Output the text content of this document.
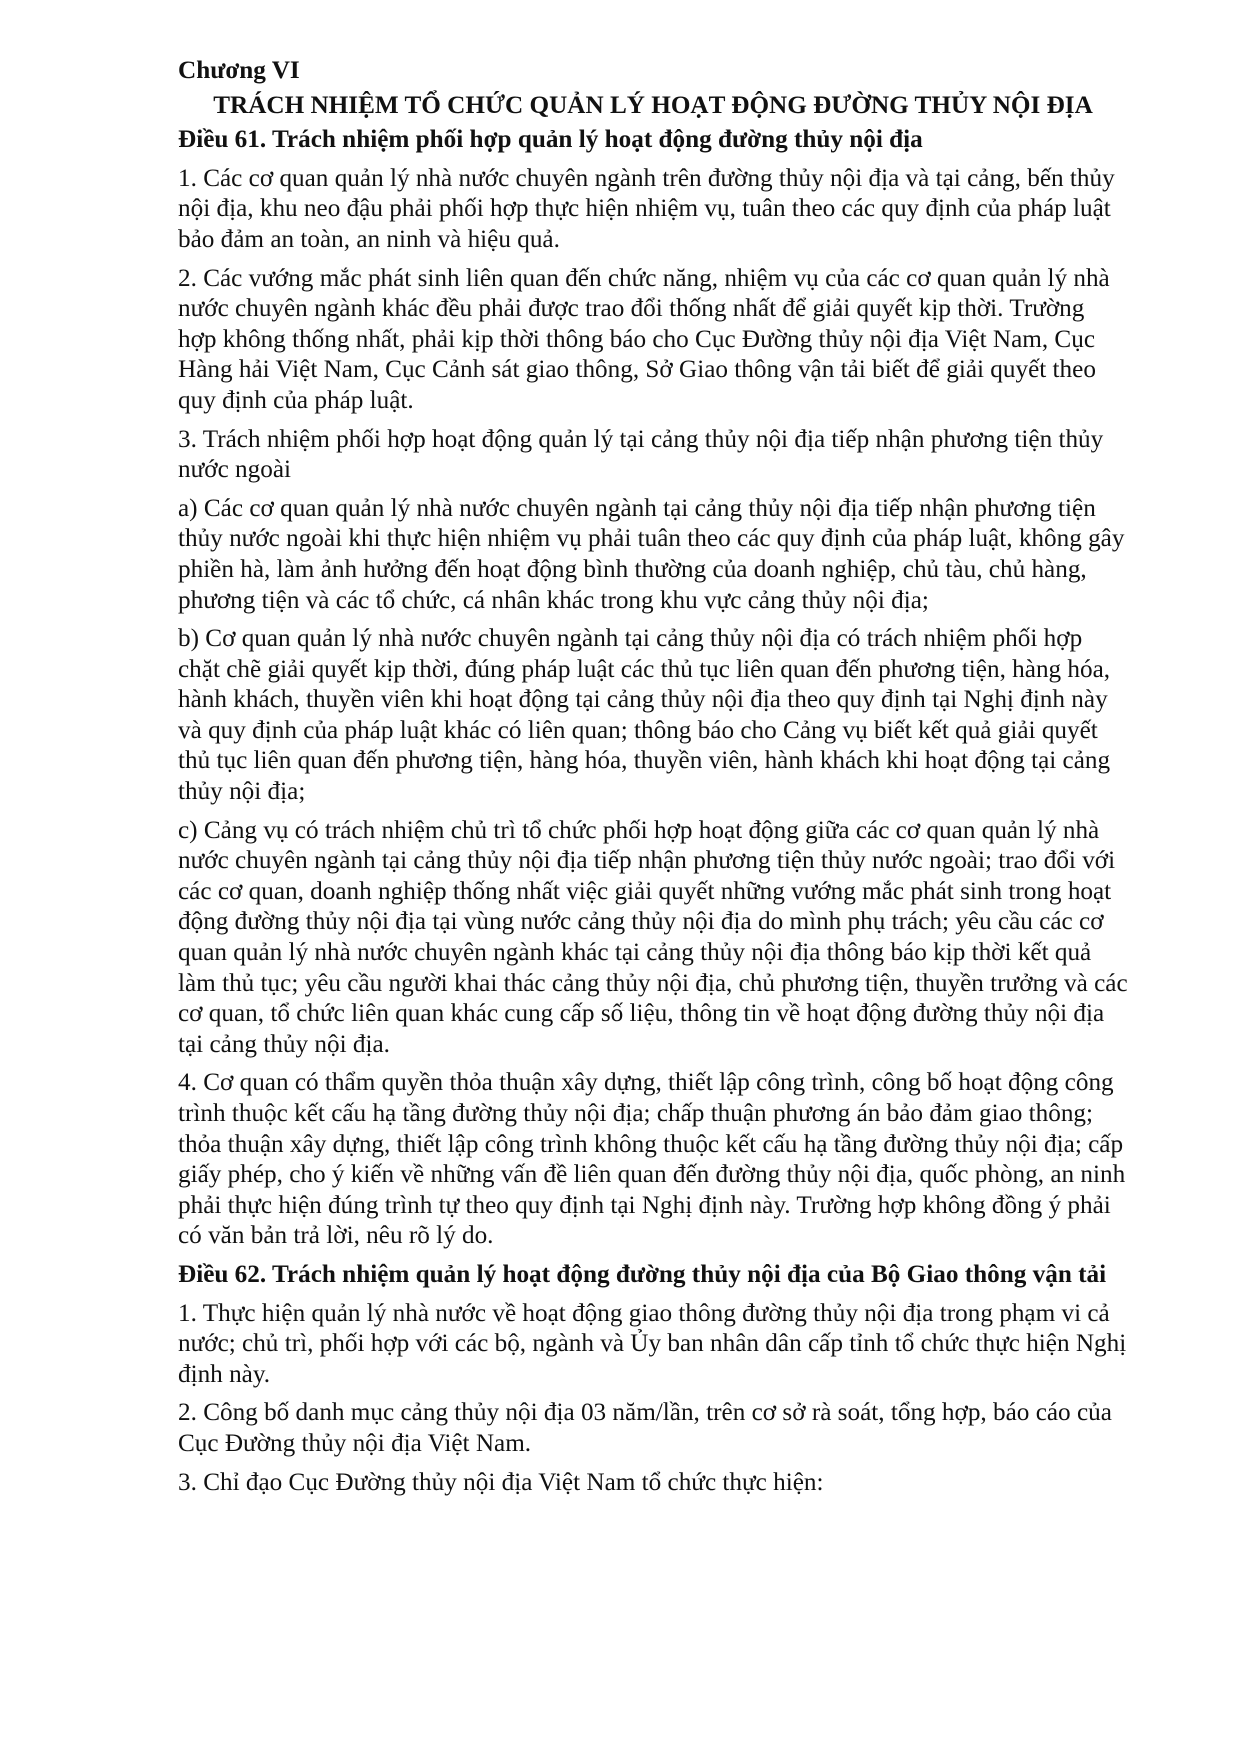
Chương VI
TRÁCH NHIỆM TỔ CHỨC QUẢN LÝ HOẠT ĐỘNG ĐƯỜNG THỦY NỘI ĐỊA
Điều 61. Trách nhiệm phối hợp quản lý hoạt động đường thủy nội địa

1. Các cơ quan quản lý nhà nước chuyên ngành trên đường thủy nội địa và tại cảng, bến thủy nội địa, khu neo đậu phải phối hợp thực hiện nhiệm vụ, tuân theo các quy định của pháp luật bảo đảm an toàn, an ninh và hiệu quả.

2. Các vướng mắc phát sinh liên quan đến chức năng, nhiệm vụ của các cơ quan quản lý nhà nước chuyên ngành khác đều phải được trao đổi thống nhất để giải quyết kịp thời. Trường hợp không thống nhất, phải kịp thời thông báo cho Cục Đường thủy nội địa Việt Nam, Cục Hàng hải Việt Nam, Cục Cảnh sát giao thông, Sở Giao thông vận tải biết để giải quyết theo quy định của pháp luật.

3. Trách nhiệm phối hợp hoạt động quản lý tại cảng thủy nội địa tiếp nhận phương tiện thủy nước ngoài

a) Các cơ quan quản lý nhà nước chuyên ngành tại cảng thủy nội địa tiếp nhận phương tiện thủy nước ngoài khi thực hiện nhiệm vụ phải tuân theo các quy định của pháp luật, không gây phiền hà, làm ảnh hưởng đến hoạt động bình thường của doanh nghiệp, chủ tàu, chủ hàng, phương tiện và các tổ chức, cá nhân khác trong khu vực cảng thủy nội địa;

b) Cơ quan quản lý nhà nước chuyên ngành tại cảng thủy nội địa có trách nhiệm phối hợp chặt chẽ giải quyết kịp thời, đúng pháp luật các thủ tục liên quan đến phương tiện, hàng hóa, hành khách, thuyền viên khi hoạt động tại cảng thủy nội địa theo quy định tại Nghị định này và quy định của pháp luật khác có liên quan; thông báo cho Cảng vụ biết kết quả giải quyết thủ tục liên quan đến phương tiện, hàng hóa, thuyền viên, hành khách khi hoạt động tại cảng thủy nội địa;

c) Cảng vụ có trách nhiệm chủ trì tổ chức phối hợp hoạt động giữa các cơ quan quản lý nhà nước chuyên ngành tại cảng thủy nội địa tiếp nhận phương tiện thủy nước ngoài; trao đổi với các cơ quan, doanh nghiệp thống nhất việc giải quyết những vướng mắc phát sinh trong hoạt động đường thủy nội địa tại vùng nước cảng thủy nội địa do mình phụ trách; yêu cầu các cơ quan quản lý nhà nước chuyên ngành khác tại cảng thủy nội địa thông báo kịp thời kết quả làm thủ tục; yêu cầu người khai thác cảng thủy nội địa, chủ phương tiện, thuyền trưởng và các cơ quan, tổ chức liên quan khác cung cấp số liệu, thông tin về hoạt động đường thủy nội địa tại cảng thủy nội địa.

4. Cơ quan có thẩm quyền thỏa thuận xây dựng, thiết lập công trình, công bố hoạt động công trình thuộc kết cấu hạ tầng đường thủy nội địa; chấp thuận phương án bảo đảm giao thông; thỏa thuận xây dựng, thiết lập công trình không thuộc kết cấu hạ tầng đường thủy nội địa; cấp giấy phép, cho ý kiến về những vấn đề liên quan đến đường thủy nội địa, quốc phòng, an ninh phải thực hiện đúng trình tự theo quy định tại Nghị định này. Trường hợp không đồng ý phải có văn bản trả lời, nêu rõ lý do.

Điều 62. Trách nhiệm quản lý hoạt động đường thủy nội địa của Bộ Giao thông vận tải

1. Thực hiện quản lý nhà nước về hoạt động giao thông đường thủy nội địa trong phạm vi cả nước; chủ trì, phối hợp với các bộ, ngành và Ủy ban nhân dân cấp tỉnh tổ chức thực hiện Nghị định này.

2. Công bố danh mục cảng thủy nội địa 03 năm/lần, trên cơ sở rà soát, tổng hợp, báo cáo của Cục Đường thủy nội địa Việt Nam.

3. Chỉ đạo Cục Đường thủy nội địa Việt Nam tổ chức thực hiện:
